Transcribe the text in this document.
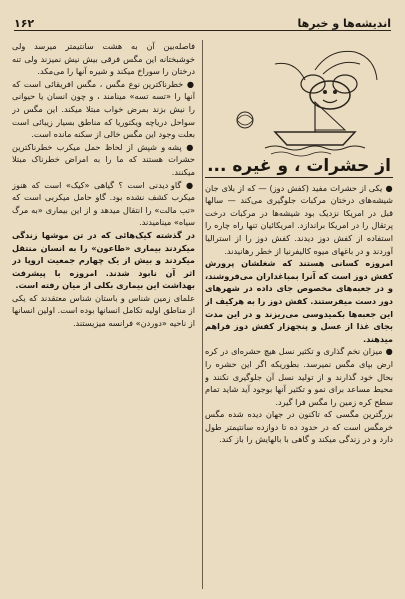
اندیشه‌ها و خبرها
۱۶۲
از حشرات ، و غیره ...

● یکی از حشرات مفید (کفش دوز) — که از بلای جان شیشه‌های درختان مرکبات جلوگیری می‌کند — سالها قبل در امریکا نزدیک بود شیشه‌ها در مرکبات درخت پرتقال را در امریکا براندازد. امریکائیان تنها راه چاره را استفاده از کفش دوز دیدند. کفش دوز را از استرالیا آوردند و در باغهای میوه کالیفرنیا از خطر رهانیدند.

امروزه کسانی هستند که شغلشان پرورش کفش دوز است که آنرا بمباغداران می‌فروشند، و در جعبه‌های مخصوص جای داده در شهرهای دور دست میفرستند. کفش دوز را به هرکیف از این جعبه‌ها بکمیدوسی می‌ریزند و در این مدت بجای غذا از عسل و پنجهزار کفش دوز فراهم میدهند.

● میزان نخم گذاری و تکثیر نسل هیچ حشره‌ای در کره ارض بپای مگس نمیرسد. بطوریکه اگر این حشره را بحال خود گذارند و از تولید نسل آن جلوگیری نکنند و محیط مساعد برای نمو و تکثیر آنها بوجود آید شاید تمام سطح کره زمین را مگس فرا گیرد.

بزرگترین مگسی که تاکنون در جهان دیده شده مگس خرمگس است که در حدود ده تا دوازده سانتیمتر طول دارد و در زندگی میکند و گاهی با بالهایش را باز کند.

فاصله‌بین آن به هشت سانتیمتر میرسد ولی خوشبختانه این مگس فرقی بیش نیش نمیزند ولی تنه درختان را سوراخ میکند و شیره آنها را می‌مکد.

● خطرناکترین نوع مگس ، مگس افریقائی است که آنها را «تسه تسه» مینامند ، و چون انسان یا حیوانی را نیش بزند بمرض خواب مبتلا میکند. این مگس در سواحل دریاچه ویکتوریا که مناطق بسیار زیبائی است بعلت وجود این مگس خالی از سکنه مانده است.

● پشه و شپش از لحاظ حمل میکرب خطرناکترین حشرات هستند که ما را به امراض خطرناک مبتلا میکنند.

● گاو دیدنی است ؟ گیاهی «کیک» است که هنوز میکرب کشف نشده بود. گاو حامل میکربی است که «تب مالت» را انتقال میدهد و از این بیماری «به مرگ سیاه» مینامیدند.

در گذشته کیک‌هائی که در تن موشها زندگی میکردند بیماری «طاعون» را به انسان منتقل میکردند و بیش از یک چهارم جمعیت اروپا در اثر آن نابود شدند. امروزه با پیشرفت بهداشت این بیماری بکلی از میان رفته است.

علمای زمین شناس و باستان شناس معتقدند که یکی از مناطق اولیه تکامل انسانها بوده است. اولین انسانها از ناحیه «دوردن» فرانسه میزیستند.
